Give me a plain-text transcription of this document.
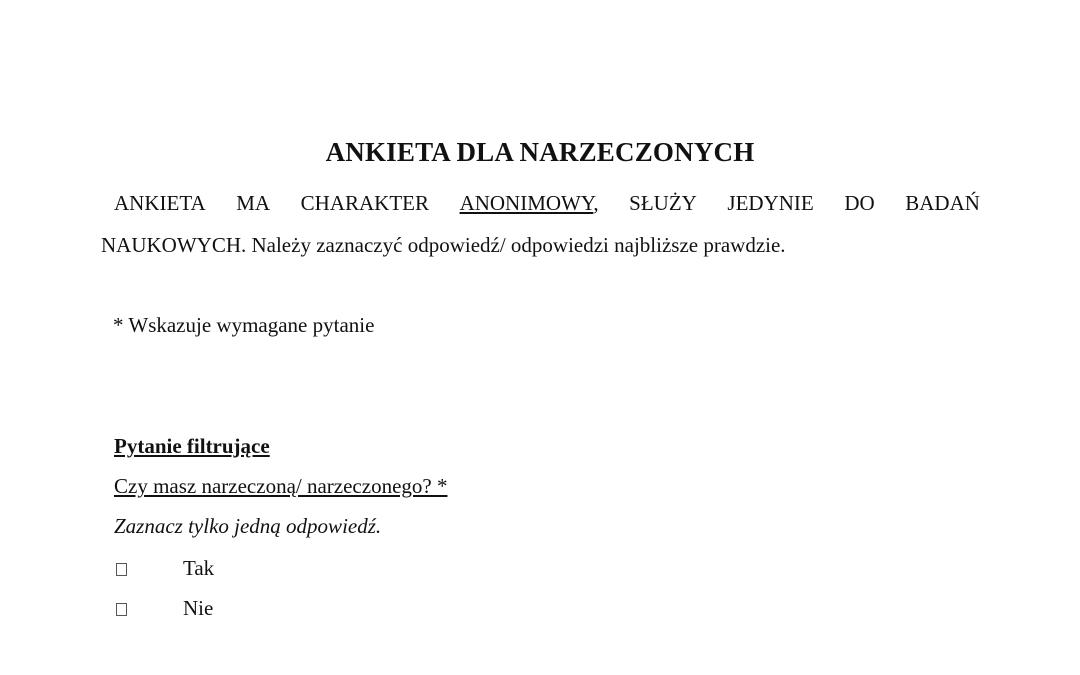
ANKIETA DLA NARZECZONYCH
ANKIETA MA CHARAKTER ANONIMOWY, SŁUŻY JEDYNIE DO BADAŃ
NAUKOWYCH. Należy zaznaczyć odpowiedź/ odpowiedzi najbliższe prawdzie.
* Wskazuje wymagane pytanie
Pytanie filtrujące
Czy masz narzeczoną/ narzeczonego? *
Zaznacz tylko jedną odpowiedź.
Tak
Nie
